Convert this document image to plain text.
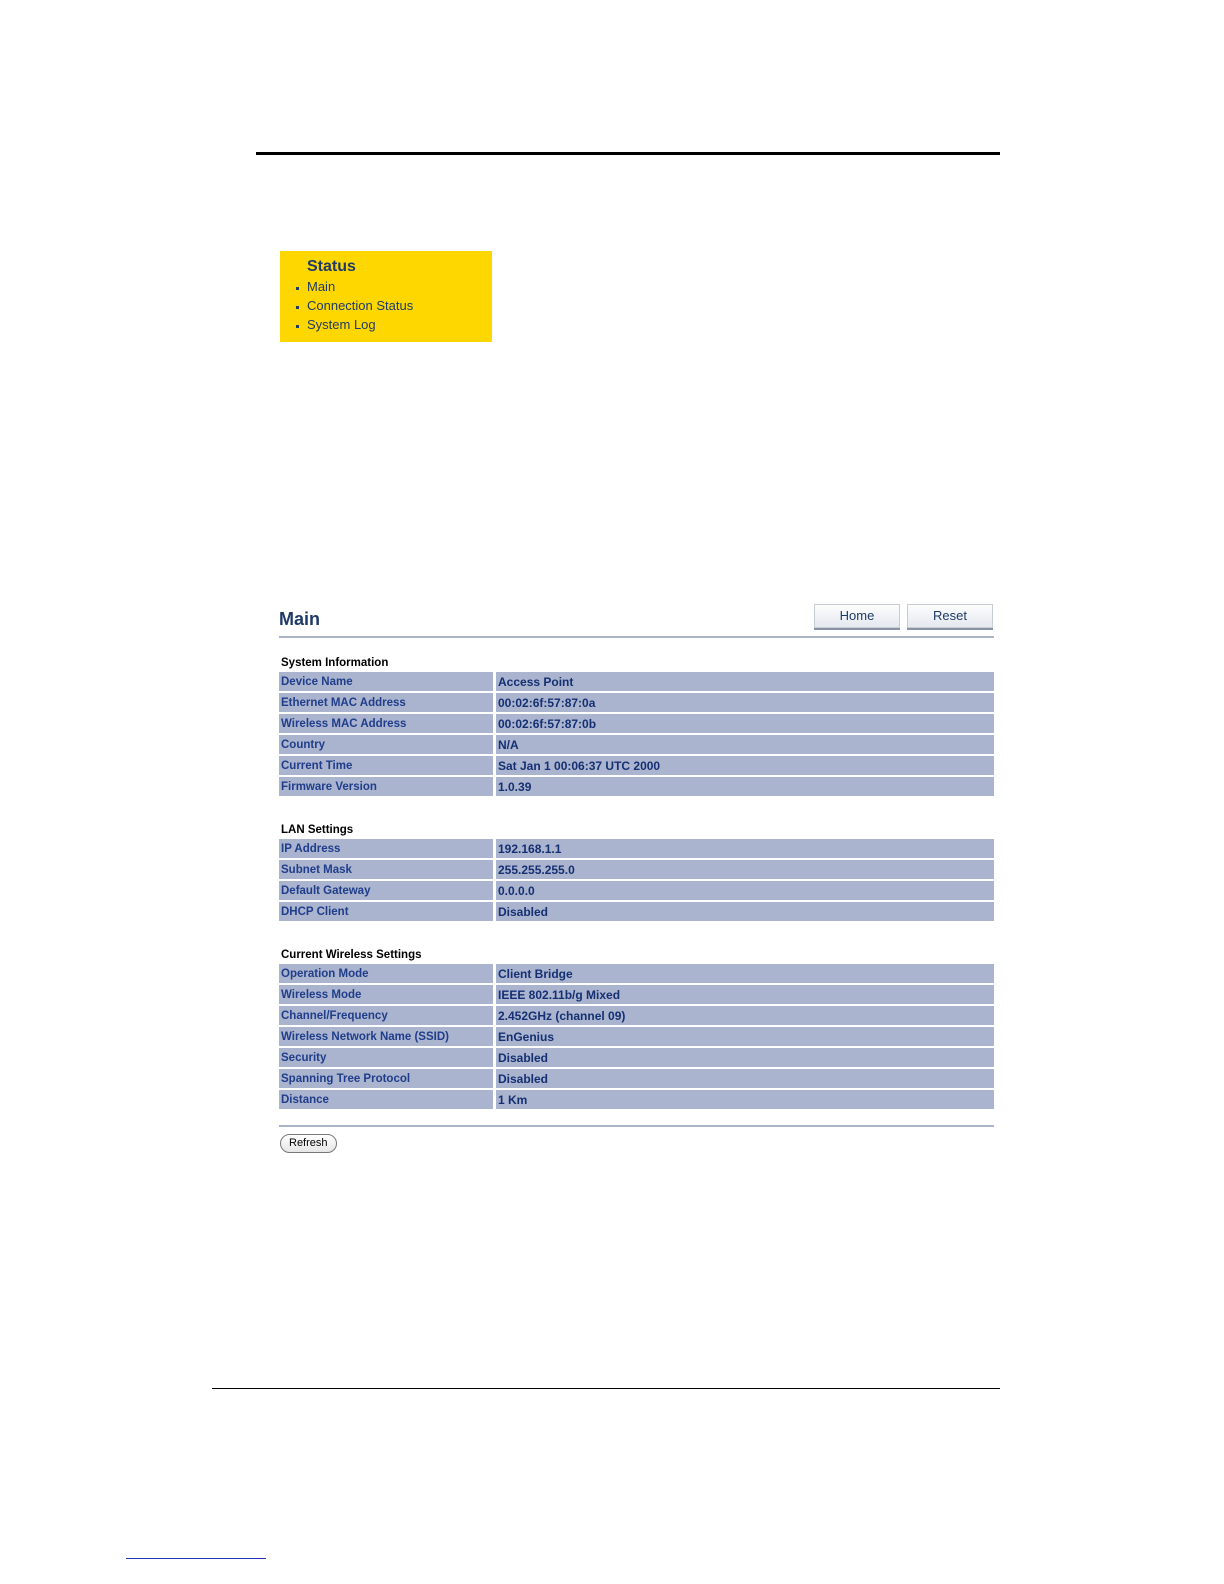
Status
Main
Connection Status
System Log
Main	Home	Reset
System Information
Device Name	Access Point
Ethernet MAC Address	00:02:6f:57:87:0a
Wireless MAC Address	00:02:6f:57:87:0b
Country	N/A
Current Time	Sat Jan 1 00:06:37 UTC 2000
Firmware Version	1.0.39
LAN Settings
IP Address	192.168.1.1
Subnet Mask	255.255.255.0
Default Gateway	0.0.0.0
DHCP Client	Disabled
Current Wireless Settings
Operation Mode	Client Bridge
Wireless Mode	IEEE 802.11b/g Mixed
Channel/Frequency	2.452GHz (channel 09)
Wireless Network Name (SSID)	EnGenius
Security	Disabled
Spanning Tree Protocol	Disabled
Distance	1 Km
Refresh
